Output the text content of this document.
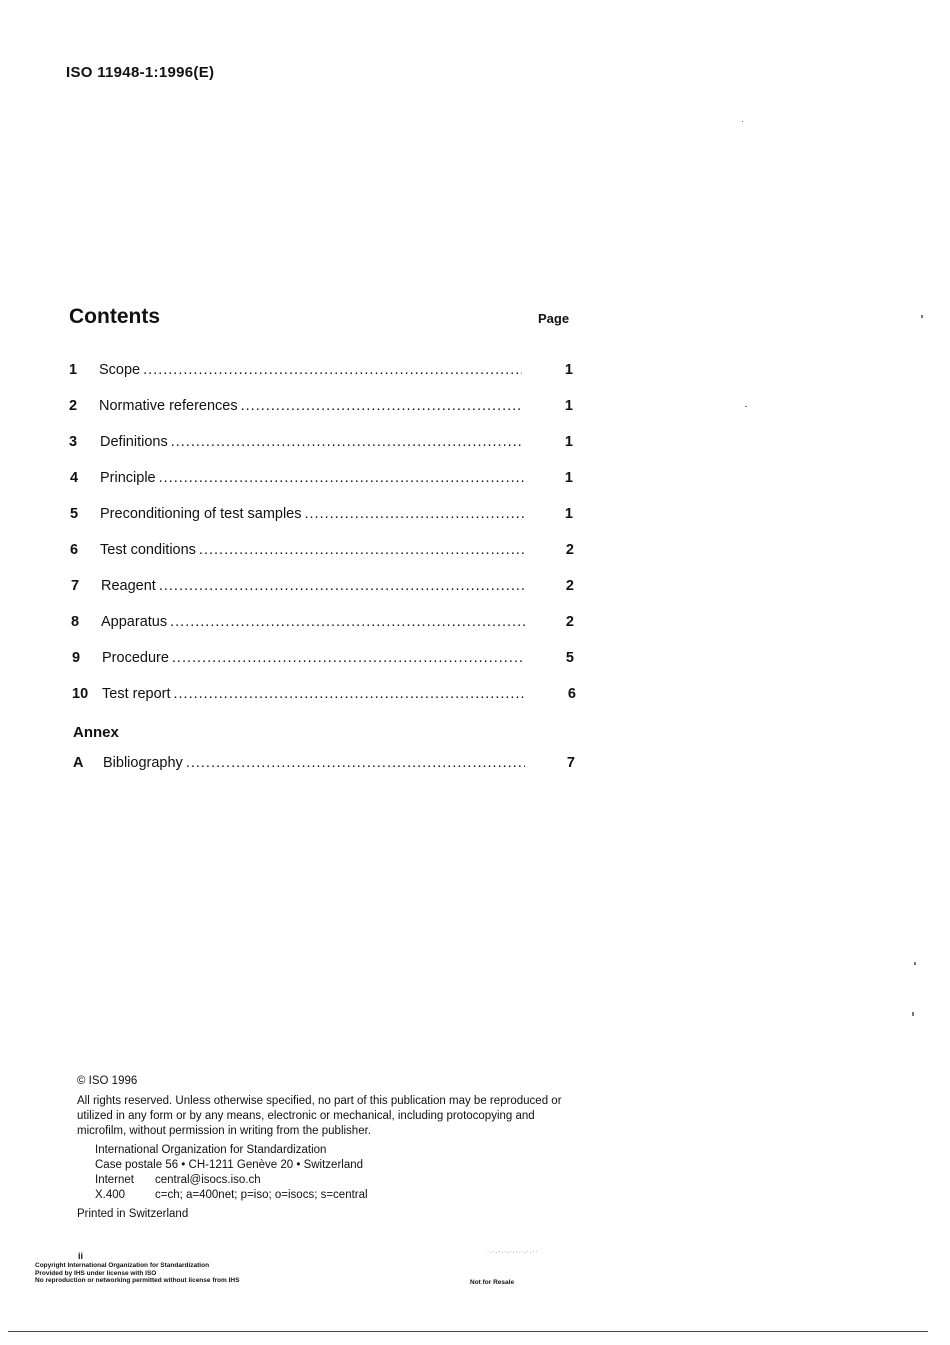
ISO 11948-1:1996(E)
Contents	Page
1	Scope .....	1
2	Normative references .....	1
3	Definitions .....	1
4	Principle .....	1
5	Preconditioning of test samples .....	1
6	Test conditions .....	2
7	Reagent .....	2
8	Apparatus .....	2
9	Procedure .....	5
10 Test report .....	6
Annex
A	Bibliography .....	7

© ISO 1996

All rights reserved. Unless otherwise specified, no part of this publication may be reproduced or utilized in any form or by any means, electronic or mechanical, including protocopying and microfilm, without permission in writing from the publisher.

International Organization for Standardization
Case postale 56 • CH-1211 Genève 20 • Switzerland
Internet	central@isocs.iso.ch
X.400	c=ch; a=400net; p=iso; o=isocs; s=central

Printed in Switzerland

ii

Copyright International Organization for Standardization

Provided by IHS under license with ISO

No reproduction or networking permitted without license from IHS

·.·.·.·.·.·.·.·.··
Not for Resale
